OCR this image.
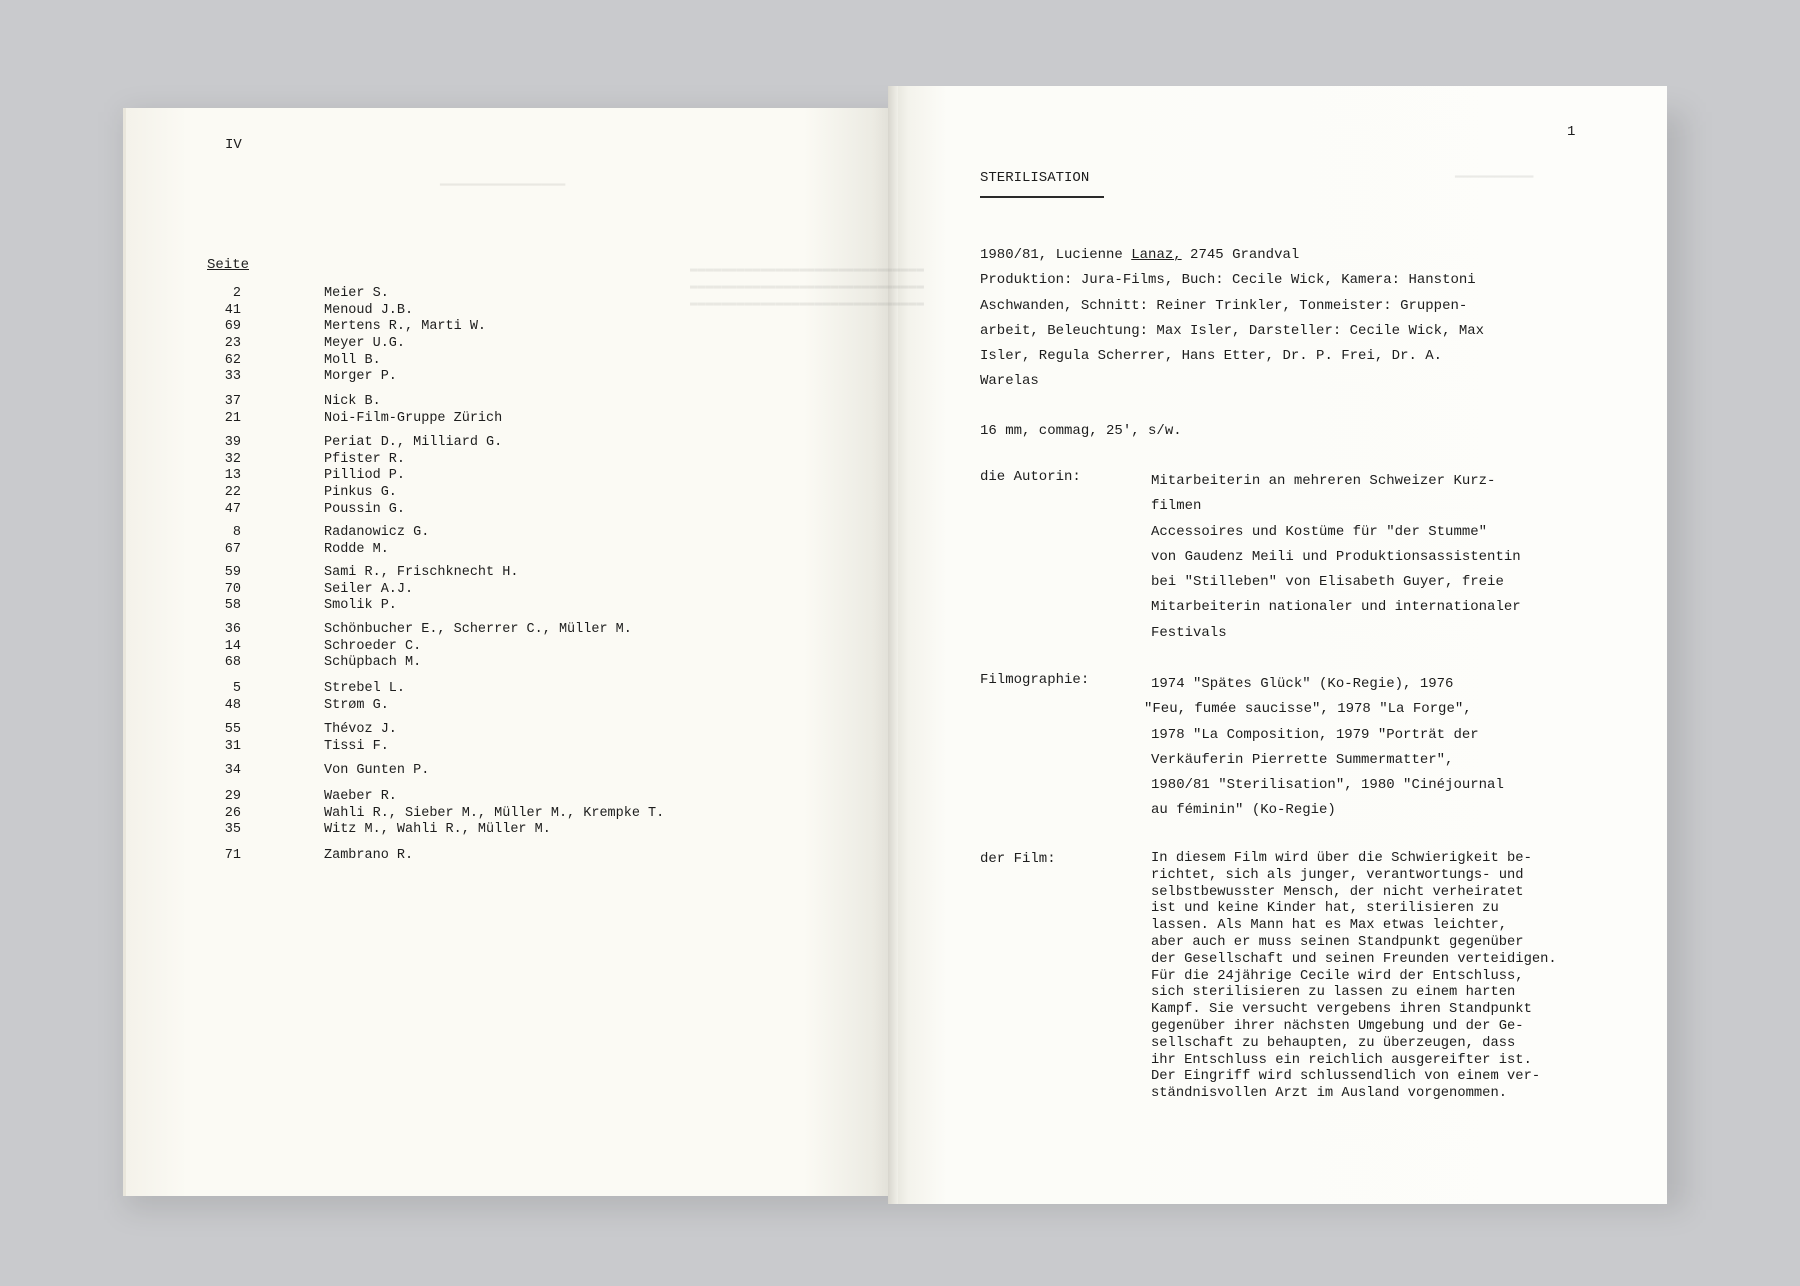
━━━━━━━━━━━━━━━━
▬▬▬▬▬▬▬▬▬▬▬▬▬▬▬▬▬▬▬▬▬▬▬▬▬▬▬▬▬▬
▬▬▬▬▬▬▬▬▬▬▬▬▬▬▬▬▬▬▬▬▬▬▬▬▬▬▬▬▬▬
▬▬▬▬▬▬▬▬▬▬▬▬▬▬▬▬▬▬▬▬▬▬▬▬▬▬▬▬▬▬
━━━━━━━━━━
IV
Seite
2	Meier S.
41	Menoud J.B.
69	Mertens R., Marti W.
23	Meyer U.G.
62	Moll B.
33	Morger P.
37	Nick B.
21	Noi-Film-Gruppe Zürich
39	Periat D., Milliard G.
32	Pfister R.
13	Pilliod P.
22	Pinkus G.
47	Poussin G.
8	Radanowicz G.
67	Rodde M.
59	Sami R., Frischknecht H.
70	Seiler A.J.
58	Smolik P.
36	Schönbucher E., Scherrer C., Müller M.
14	Schroeder C.
68	Schüpbach M.
5	Strebel L.
48	Strøm G.
55	Thévoz J.
31	Tissi F.
34	Von Gunten P.
29	Waeber R.
26	Wahli R., Sieber M., Müller M., Krempke T.
35	Witz M., Wahli R., Müller M.
71	Zambrano R.
1
STERILISATION
1980/81, Lucienne Lanaz, 2745 Grandval
Produktion: Jura-Films, Buch: Cecile Wick, Kamera: Hanstoni
Aschwanden, Schnitt: Reiner Trinkler, Tonmeister: Gruppen-
arbeit, Beleuchtung: Max Isler, Darsteller: Cecile Wick, Max
Isler, Regula Scherrer, Hans Etter, Dr. P. Frei, Dr. A.
Warelas
16 mm, commag, 25', s/w.
die Autorin:	Mitarbeiterin an mehreren Schweizer Kurz-
filmen
Accessoires und Kostüme für "der Stumme"
von Gaudenz Meili und Produktionsassistentin
bei "Stilleben" von Elisabeth Guyer, freie
Mitarbeiterin nationaler und internationaler
Festivals
Filmographie:	1974 "Spätes Glück" (Ko-Regie), 1976
"Feu, fumée saucisse", 1978 "La Forge",
1978 "La Composition, 1979 "Porträt der
Verkäuferin Pierrette Summermatter",
1980/81 "Sterilisation", 1980 "Cinéjournal
au féminin" (Ko-Regie)
der Film:	In diesem Film wird über die Schwierigkeit be-
richtet, sich als junger, verantwortungs- und
selbstbewusster Mensch, der nicht verheiratet
ist und keine Kinder hat, sterilisieren zu
lassen. Als Mann hat es Max etwas leichter,
aber auch er muss seinen Standpunkt gegenüber
der Gesellschaft und seinen Freunden verteidigen.
Für die 24jährige Cecile wird der Entschluss,
sich sterilisieren zu lassen zu einem harten
Kampf. Sie versucht vergebens ihren Standpunkt
gegenüber ihrer nächsten Umgebung und der Ge-
sellschaft zu behaupten, zu überzeugen, dass
ihr Entschluss ein reichlich ausgereifter ist.
Der Eingriff wird schlussendlich von einem ver-
ständnisvollen Arzt im Ausland vorgenommen.
